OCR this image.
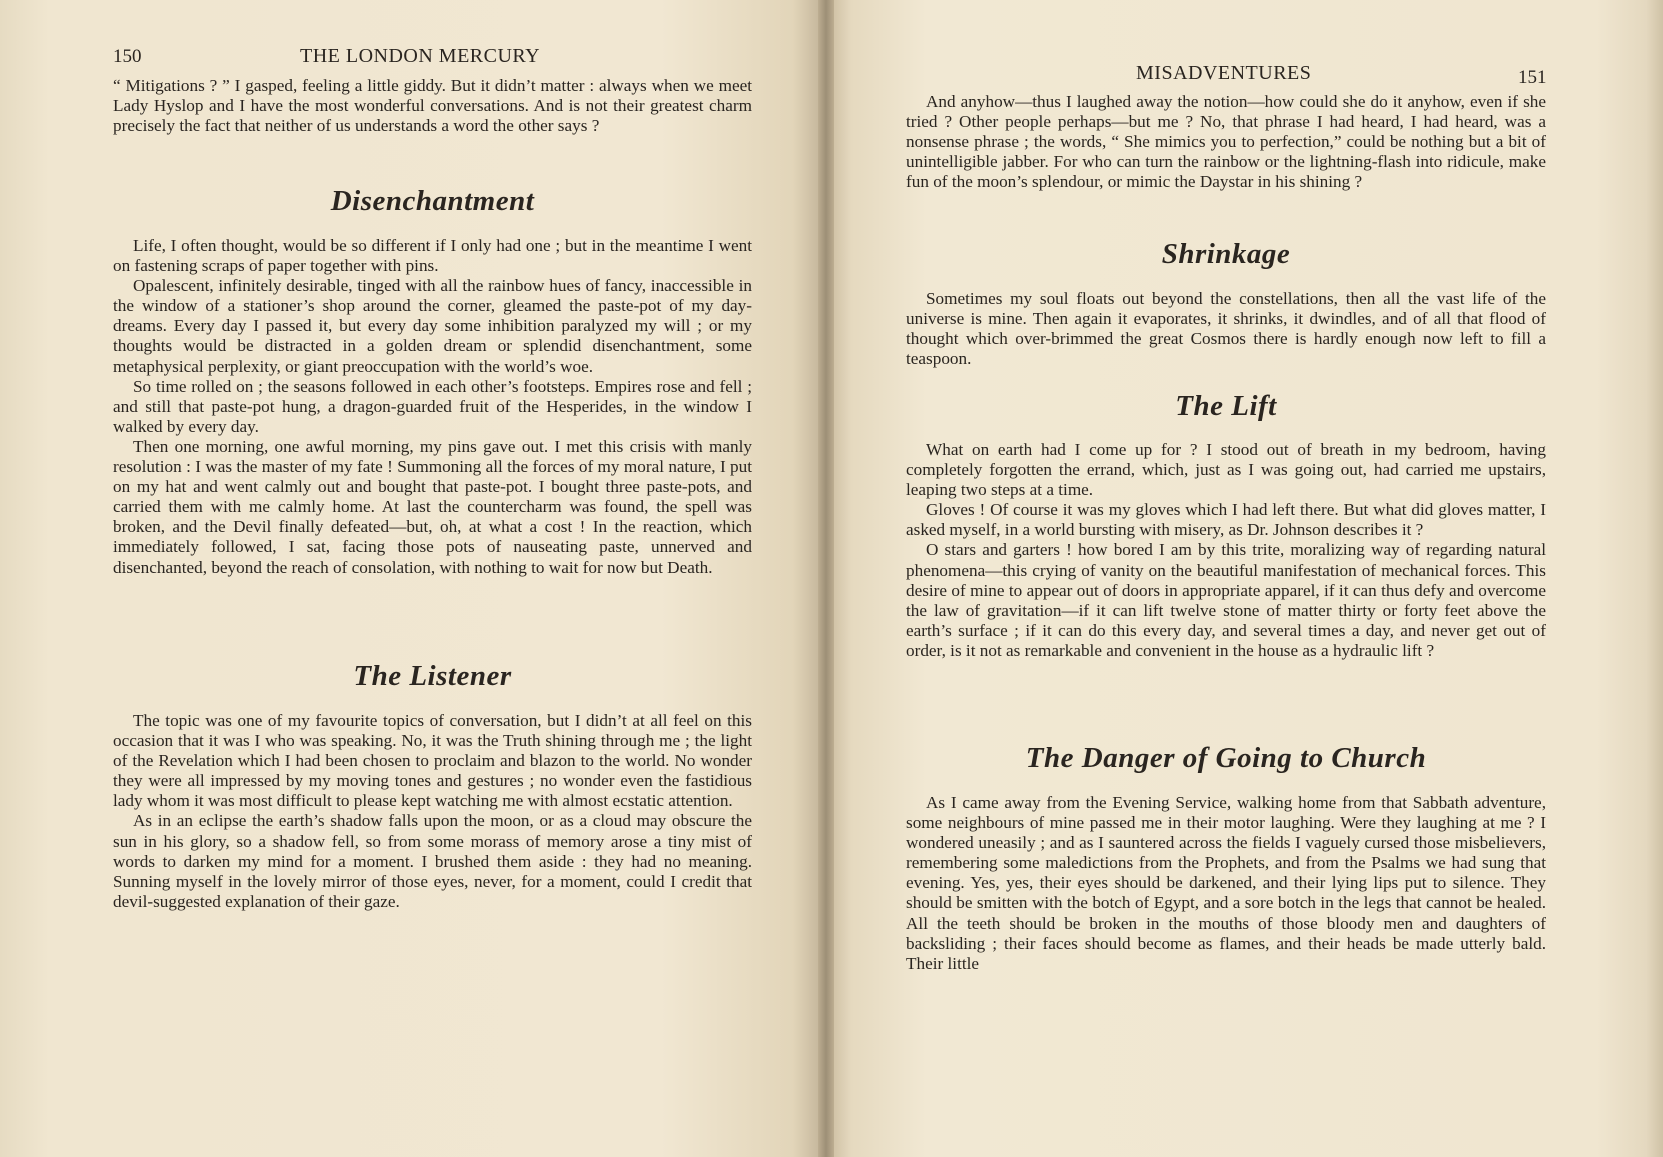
150	THE LONDON MERCURY

“ Mitigations ? ” I gasped, feeling a little giddy. But it didn’t matter : always when we meet Lady Hyslop and I have the most wonderful conversations. And is not their greatest charm precisely the fact that neither of us understands a word the other says ?

Disenchantment

Life, I often thought, would be so different if I only had one ; but in the meantime I went on fastening scraps of paper together with pins.

Opalescent, infinitely desirable, tinged with all the rainbow hues of fancy, inaccessible in the window of a stationer’s shop around the corner, gleamed the paste-pot of my day-dreams. Every day I passed it, but every day some inhibition paralyzed my will ; or my thoughts would be distracted in a golden dream or splendid disenchantment, some metaphysical perplexity, or giant preoccupation with the world’s woe.

So time rolled on ; the seasons followed in each other’s footsteps. Empires rose and fell ; and still that paste-pot hung, a dragon-guarded fruit of the Hesperides, in the window I walked by every day.

Then one morning, one awful morning, my pins gave out. I met this crisis with manly resolution : I was the master of my fate ! Summoning all the forces of my moral nature, I put on my hat and went calmly out and bought that paste-pot. I bought three paste-pots, and carried them with me calmly home. At last the countercharm was found, the spell was broken, and the Devil finally defeated—but, oh, at what a cost ! In the reaction, which immediately followed, I sat, facing those pots of nauseating paste, unnerved and disenchanted, beyond the reach of consolation, with nothing to wait for now but Death.

The Listener

The topic was one of my favourite topics of conversation, but I didn’t at all feel on this occasion that it was I who was speaking. No, it was the Truth shining through me ; the light of the Revelation which I had been chosen to proclaim and blazon to the world. No wonder they were all impressed by my moving tones and gestures ; no wonder even the fastidious lady whom it was most difficult to please kept watching me with almost ecstatic attention.

As in an eclipse the earth’s shadow falls upon the moon, or as a cloud may obscure the sun in his glory, so a shadow fell, so from some morass of memory arose a tiny mist of words to darken my mind for a moment. I brushed them aside : they had no meaning. Sunning myself in the lovely mirror of those eyes, never, for a moment, could I credit that devil-suggested explanation of their gaze.

MISADVENTURES	151

And anyhow—thus I laughed away the notion—how could she do it anyhow, even if she tried ? Other people perhaps—but me ? No, that phrase I had heard, I had heard, was a nonsense phrase ; the words, “ She mimics you to perfection,” could be nothing but a bit of unintelligible jabber. For who can turn the rainbow or the lightning-flash into ridicule, make fun of the moon’s splendour, or mimic the Daystar in his shining ?

Shrinkage

Sometimes my soul floats out beyond the constellations, then all the vast life of the universe is mine. Then again it evaporates, it shrinks, it dwindles, and of all that flood of thought which over-brimmed the great Cosmos there is hardly enough now left to fill a teaspoon.

The Lift

What on earth had I come up for ? I stood out of breath in my bedroom, having completely forgotten the errand, which, just as I was going out, had carried me upstairs, leaping two steps at a time.

Gloves ! Of course it was my gloves which I had left there. But what did gloves matter, I asked myself, in a world bursting with misery, as Dr. Johnson describes it ?

O stars and garters ! how bored I am by this trite, moralizing way of regarding natural phenomena—this crying of vanity on the beautiful manifestation of mechanical forces. This desire of mine to appear out of doors in appropriate apparel, if it can thus defy and overcome the law of gravitation—if it can lift twelve stone of matter thirty or forty feet above the earth’s surface ; if it can do this every day, and several times a day, and never get out of order, is it not as remarkable and convenient in the house as a hydraulic lift ?

The Danger of Going to Church

As I came away from the Evening Service, walking home from that Sabbath adventure, some neighbours of mine passed me in their motor laughing. Were they laughing at me ? I wondered uneasily ; and as I sauntered across the fields I vaguely cursed those misbelievers, remembering some maledictions from the Prophets, and from the Psalms we had sung that evening. Yes, yes, their eyes should be darkened, and their lying lips put to silence. They should be smitten with the botch of Egypt, and a sore botch in the legs that cannot be healed. All the teeth should be broken in the mouths of those bloody men and daughters of backsliding ; their faces should become as flames, and their heads be made utterly bald. Their little
